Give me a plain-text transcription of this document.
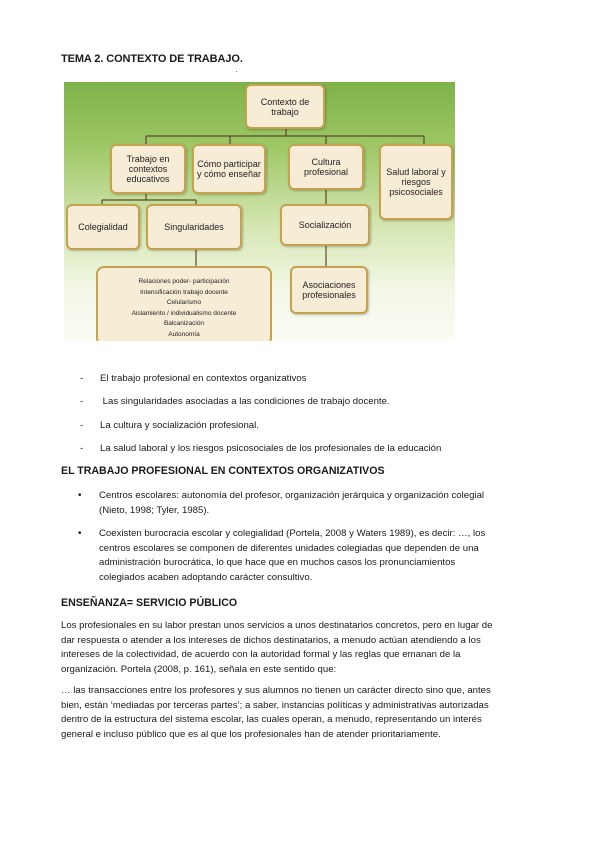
TEMA 2. CONTEXTO DE TRABAJO.
·
Contexto de trabajo
Trabajo en contextos educativos
Cómo participar y cómo enseñar
Cultura profesional	Salud laboral y riesgos psicosociales
Colegialidad	Singularidades	Socialización
Relaciones poder- participación
Intensificación trabajo docente
Celularismo
Aislamiento / individualismo docente
Balcanización
Autonomía
Asociaciones profesionales
- El trabajo profesional en contextos organizativos
- Las singularidades asociadas a las condiciones de trabajo docente.
- La cultura y socialización profesional.
- La salud laboral y los riesgos psicosociales de los profesionales de la educación
EL TRABAJO PROFESIONAL EN CONTEXTOS ORGANIZATIVOS
• Centros escolares: autonomía del profesor, organización jerárquica y organización colegial (Nieto, 1998; Tyler, 1985).
• Coexisten burocracia escolar y colegialidad (Portela, 2008 y Waters 1989), es decir: …, los centros escolares se componen de diferentes unidades colegiadas que dependen de una administración burocrática, lo que hace que en muchos casos los pronunciamientos colegiados acaben adoptando carácter consultivo.
ENSEÑANZA= SERVICIO PÚBLICO
Los profesionales en su labor prestan unos servicios a unos destinatarios concretos, pero en lugar de dar respuesta o atender a los intereses de dichos destinatarios, a menudo actúan atendiendo a los intereses de la colectividad, de acuerdo con la autoridad formal y las reglas que emanan de la organización. Portela (2008, p. 161), señala en este sentido que:
… las transacciones entre los profesores y sus alumnos no tienen un carácter directo sino que, antes bien, están ‘mediadas por terceras partes’; a saber, instancias políticas y administrativas autorizadas dentro de la estructura del sistema escolar, las cuales operan, a menudo, representando un interés general e incluso público que es al que los profesionales han de atender prioritariamente.
